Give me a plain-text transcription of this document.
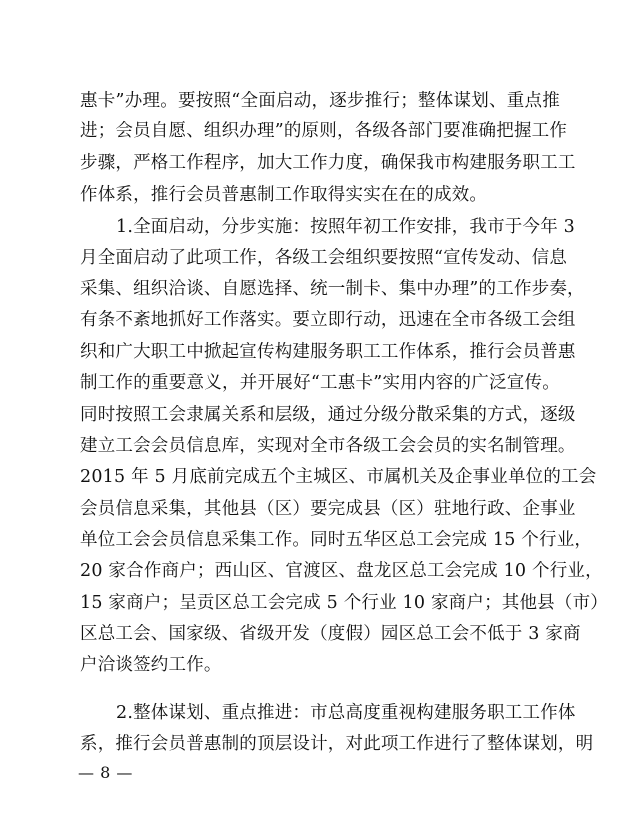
惠卡”办理。要按照“全面启动，逐步推行；整体谋划、重点推
进；会员自愿、组织办理”的原则，各级各部门要准确把握工作
步骤，严格工作程序，加大工作力度，确保我市构建服务职工工
作体系，推行会员普惠制工作取得实实在在的成效。
1.全面启动，分步实施：按照年初工作安排，我市于今年 3
月全面启动了此项工作，各级工会组织要按照“宣传发动、信息
采集、组织洽谈、自愿选择、统一制卡、集中办理”的工作步奏，
有条不紊地抓好工作落实。要立即行动，迅速在全市各级工会组
织和广大职工中掀起宣传构建服务职工工作体系，推行会员普惠
制工作的重要意义，并开展好“工惠卡”实用内容的广泛宣传。
同时按照工会隶属关系和层级，通过分级分散采集的方式，逐级
建立工会会员信息库，实现对全市各级工会会员的实名制管理。
2015 年 5 月底前完成五个主城区、市属机关及企事业单位的工会
会员信息采集，其他县（区）要完成县（区）驻地行政、企事业
单位工会会员信息采集工作。同时五华区总工会完成 15 个行业，
20 家合作商户；西山区、官渡区、盘龙区总工会完成 10 个行业，
15 家商户；呈贡区总工会完成 5 个行业 10 家商户；其他县（市）
区总工会、国家级、省级开发（度假）园区总工会不低于 3 家商
户洽谈签约工作。
2.整体谋划、重点推进：市总高度重视构建服务职工工作体
系，推行会员普惠制的顶层设计，对此项工作进行了整体谋划，明
— 8 —
